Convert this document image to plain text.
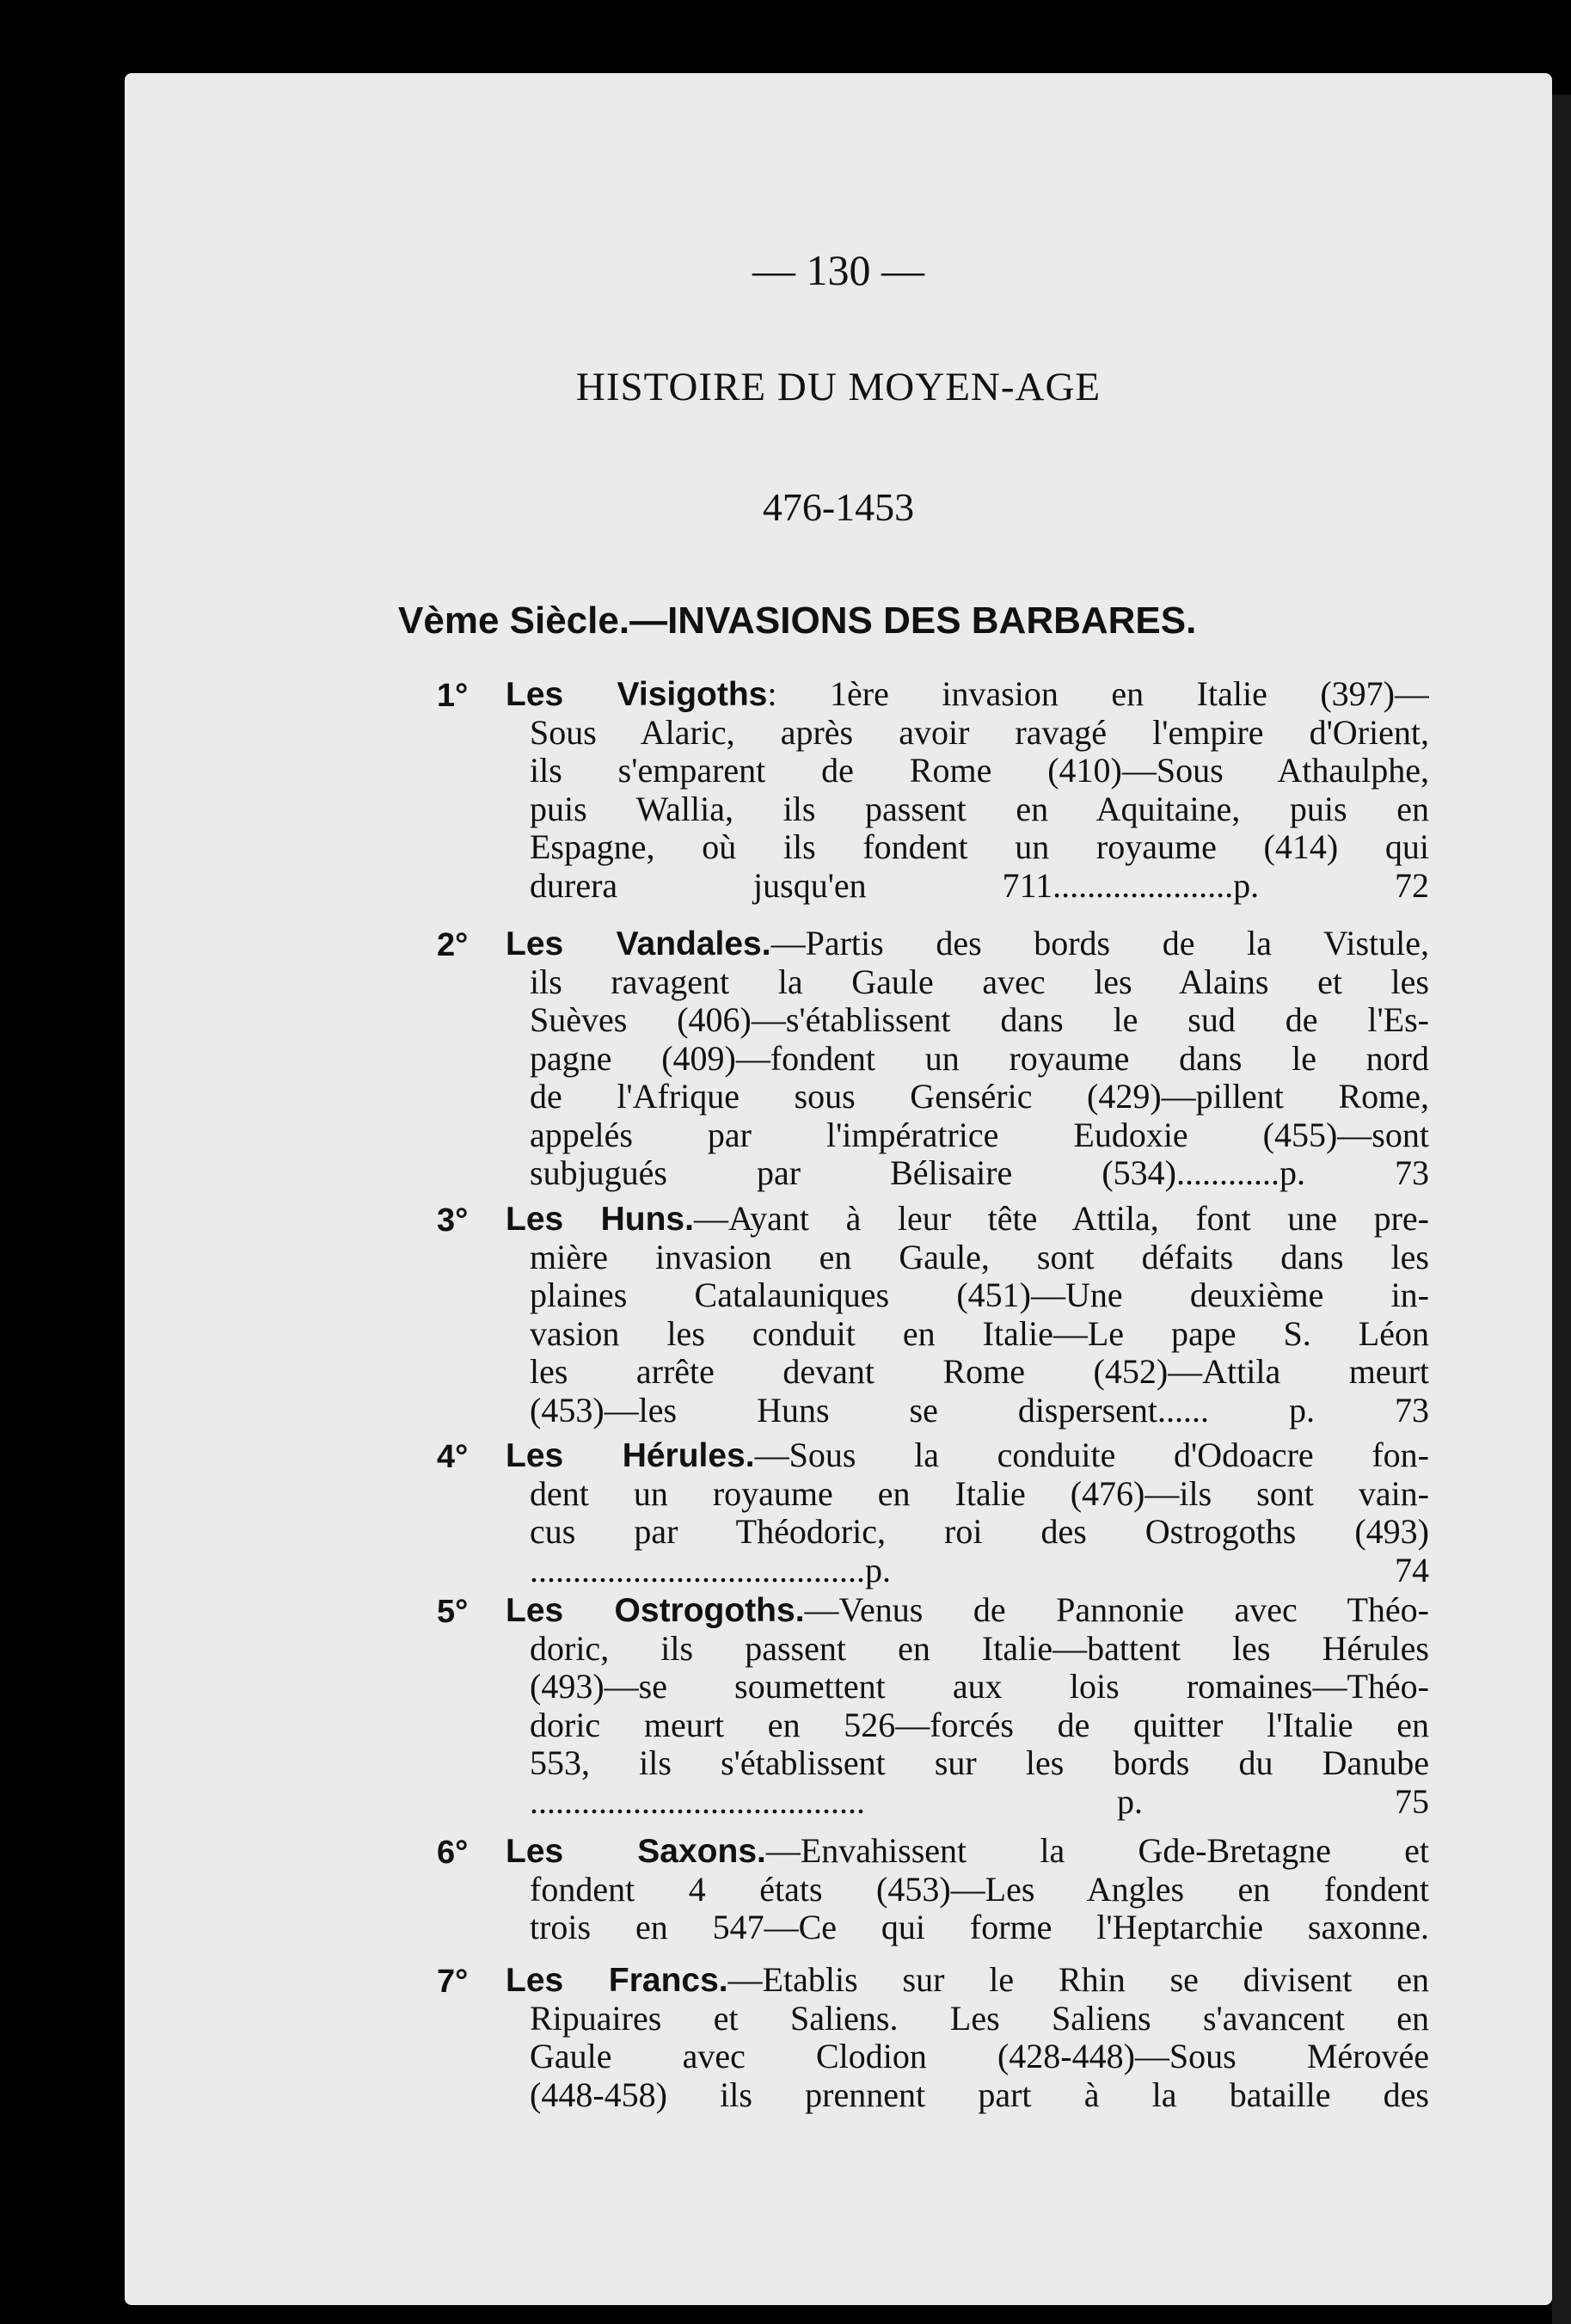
— 130 —
HISTOIRE DU MOYEN-AGE
476-1453
Vème Siècle.—INVASIONS DES BARBARES.
1° Les Visigoths: 1ère invasion en Italie (397)—
Sous Alaric, après avoir ravagé l'empire d'Orient,
ils s'emparent de Rome (410)—Sous Athaulphe,
puis Wallia, ils passent en Aquitaine, puis en
Espagne, où ils fondent un royaume (414) qui
durera jusqu'en 711.....................p. 72
2° Les Vandales.—Partis des bords de la Vistule,
ils ravagent la Gaule avec les Alains et les
Suèves (406)—s'établissent dans le sud de l'Es-
pagne (409)—fondent un royaume dans le nord
de l'Afrique sous Genséric (429)—pillent Rome,
appelés par l'impératrice Eudoxie (455)—sont
subjugués par Bélisaire (534)............p. 73
3° Les Huns.—Ayant à leur tête Attila, font une pre-
mière invasion en Gaule, sont défaits dans les
plaines Catalauniques (451)—Une deuxième in-
vasion les conduit en Italie—Le pape S. Léon
les arrête devant Rome (452)—Attila meurt
(453)—les Huns se dispersent...... p. 73
4° Les Hérules.—Sous la conduite d'Odoacre fon-
dent un royaume en Italie (476)—ils sont vain-
cus par Théodoric, roi des Ostrogoths (493)
.......................................p. 74
5° Les Ostrogoths.—Venus de Pannonie avec Théo-
doric, ils passent en Italie—battent les Hérules
(493)—se soumettent aux lois romaines—Théo-
doric meurt en 526—forcés de quitter l'Italie en
553, ils s'établissent sur les bords du Danube
....................................... p. 75
6° Les Saxons.—Envahissent la Gde-Bretagne et
fondent 4 états (453)—Les Angles en fondent
trois en 547—Ce qui forme l'Heptarchie saxonne.
7° Les Francs.—Etablis sur le Rhin se divisent en
Ripuaires et Saliens. Les Saliens s'avancent en
Gaule avec Clodion (428-448)—Sous Mérovée
(448-458) ils prennent part à la bataille des
